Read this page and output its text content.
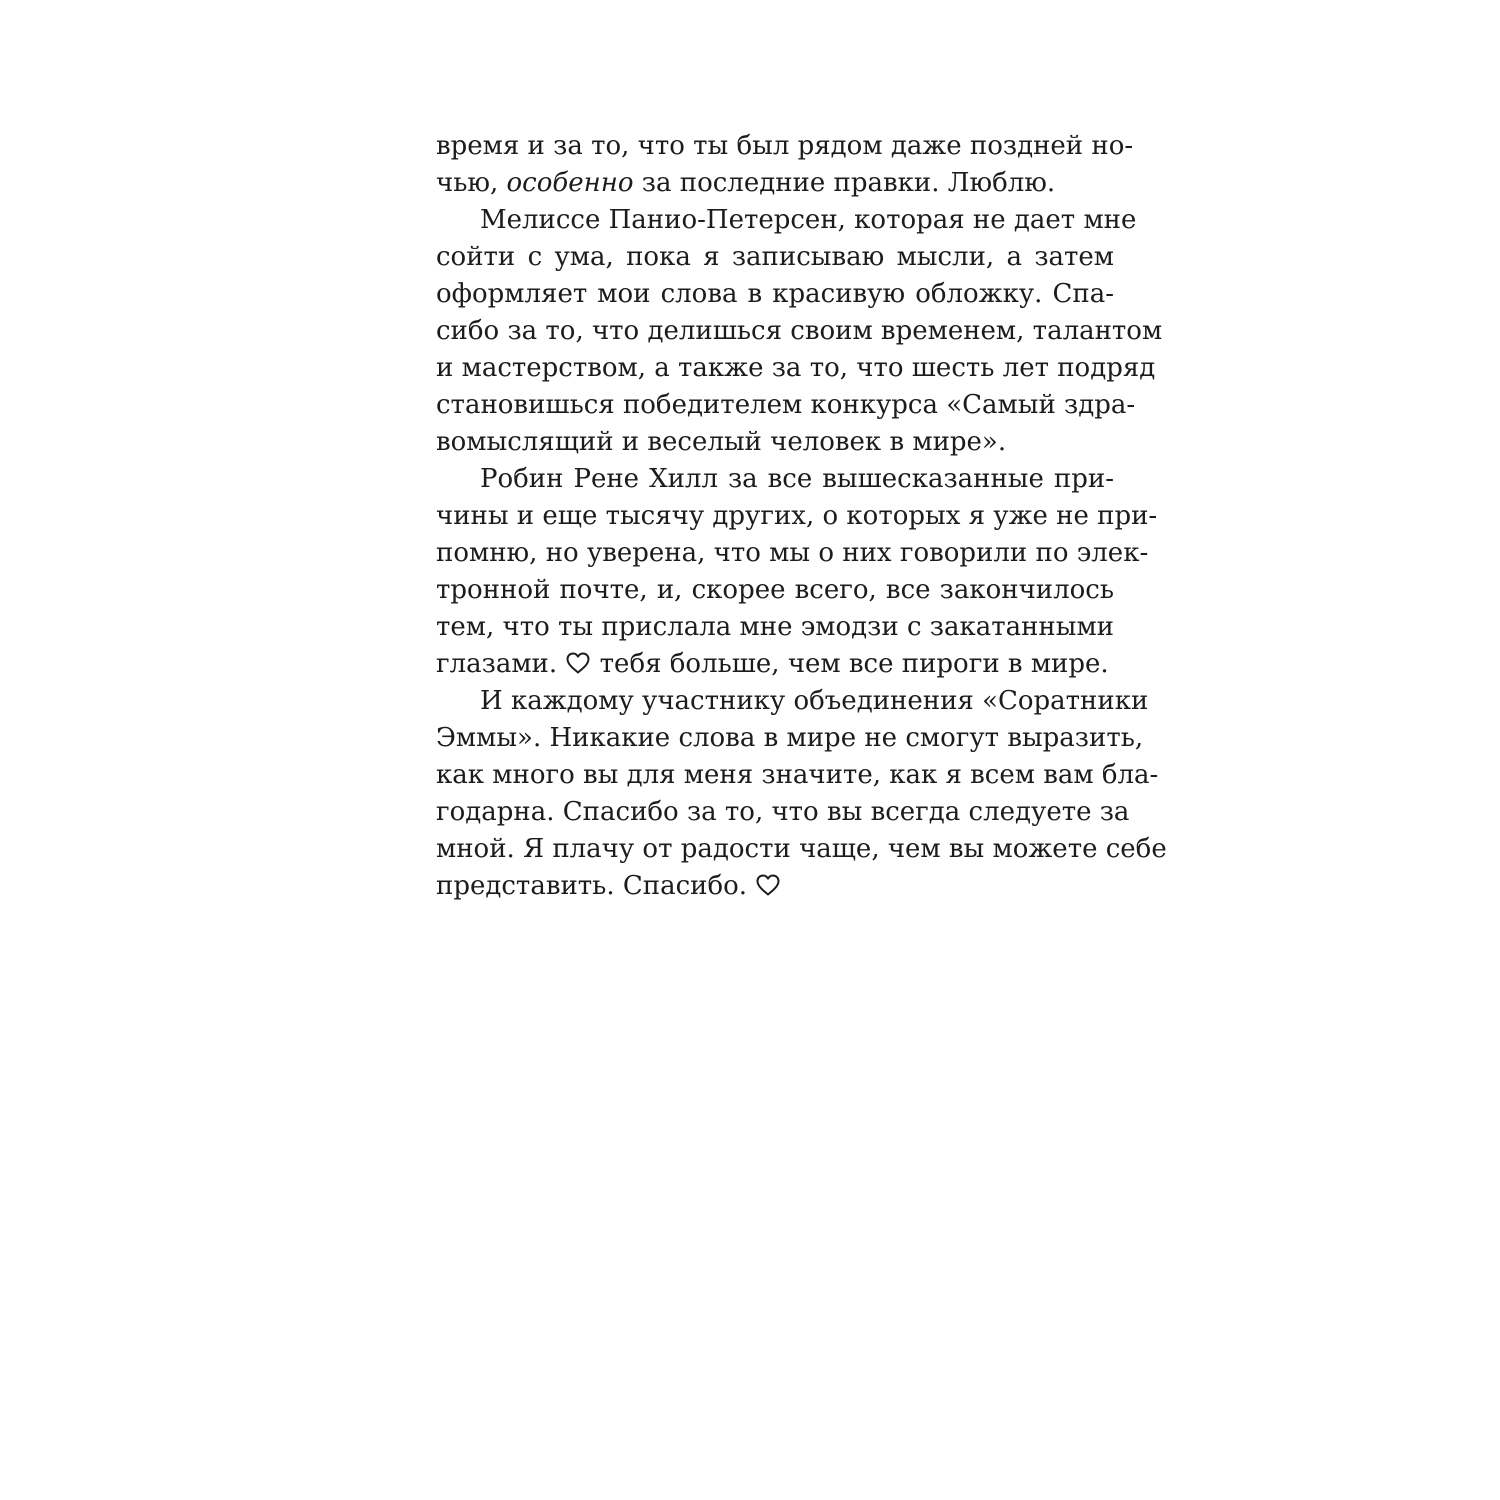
время и за то, что ты был рядом даже поздней но-
чью, особенно за последние правки. Люблю.
Мелиссе Панио-Петерсен, которая не дает мне
сойти с ума, пока я записываю мысли, а затем
оформляет мои слова в красивую обложку. Спа-
сибо за то, что делишься своим временем, талантом
и мастерством, а также за то, что шесть лет подряд
становишься победителем конкурса «Самый здра-
вомыслящий и веселый человек в мире».
Робин Рене Хилл за все вышесказанные при-
чины и еще тысячу других, о которых я уже не при-
помню, но уверена, что мы о них говорили по элек-
тронной почте, и, скорее всего, все закончилось
тем, что ты прислала мне эмодзи с закатанными
глазами.
тебя больше, чем все пироги в мире.
И каждому участнику объединения «Соратники
Эммы». Никакие слова в мире не смогут выразить,
как много вы для меня значите, как я всем вам бла-
годарна. Спасибо за то, что вы всегда следуете за
мной. Я плачу от радости чаще, чем вы можете себе
представить. Спасибо.
